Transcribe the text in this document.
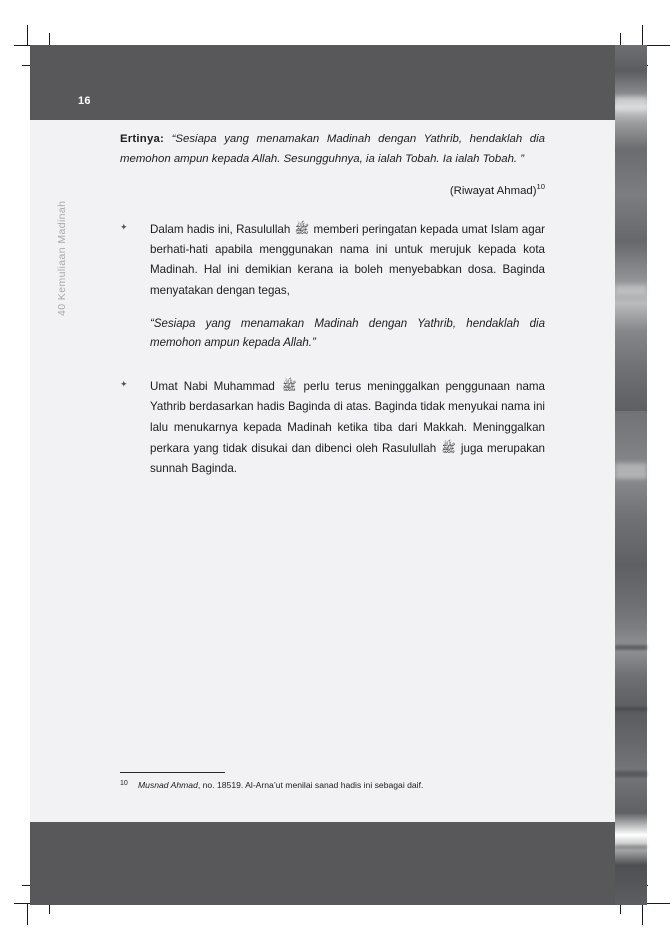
16
40 Kemuliaan Madinah
Ertinya: “Sesiapa yang menamakan Madinah dengan Yathrib, hendaklah dia memohon ampun kepada Allah. Sesungguhnya, ia ialah Tobah. Ia ialah Tobah. ”
(Riwayat Ahmad)$^{10}$
✦	Dalam hadis ini, Rasulullah ﷺ memberi peringatan kepada umat Islam agar berhati-hati apabila menggunakan nama ini untuk merujuk kepada kota Madinah. Hal ini demikian kerana ia boleh menyebabkan dosa. Baginda menyatakan dengan tegas,
“Sesiapa yang menamakan Madinah dengan Yathrib, hendaklah dia memohon ampun kepada Allah.”
✦	Umat Nabi Muhammad ﷺ perlu terus meninggalkan penggunaan nama Yathrib berdasarkan hadis Baginda di atas. Baginda tidak menyukai nama ini lalu menukarnya kepada Madinah ketika tiba dari Makkah. Meninggalkan perkara yang tidak disukai dan dibenci oleh Rasulullah ﷺ juga merupakan sunnah Baginda.
10	Musnad Ahmad, no. 18519. Al-Arna’ut menilai sanad hadis ini sebagai daif.
